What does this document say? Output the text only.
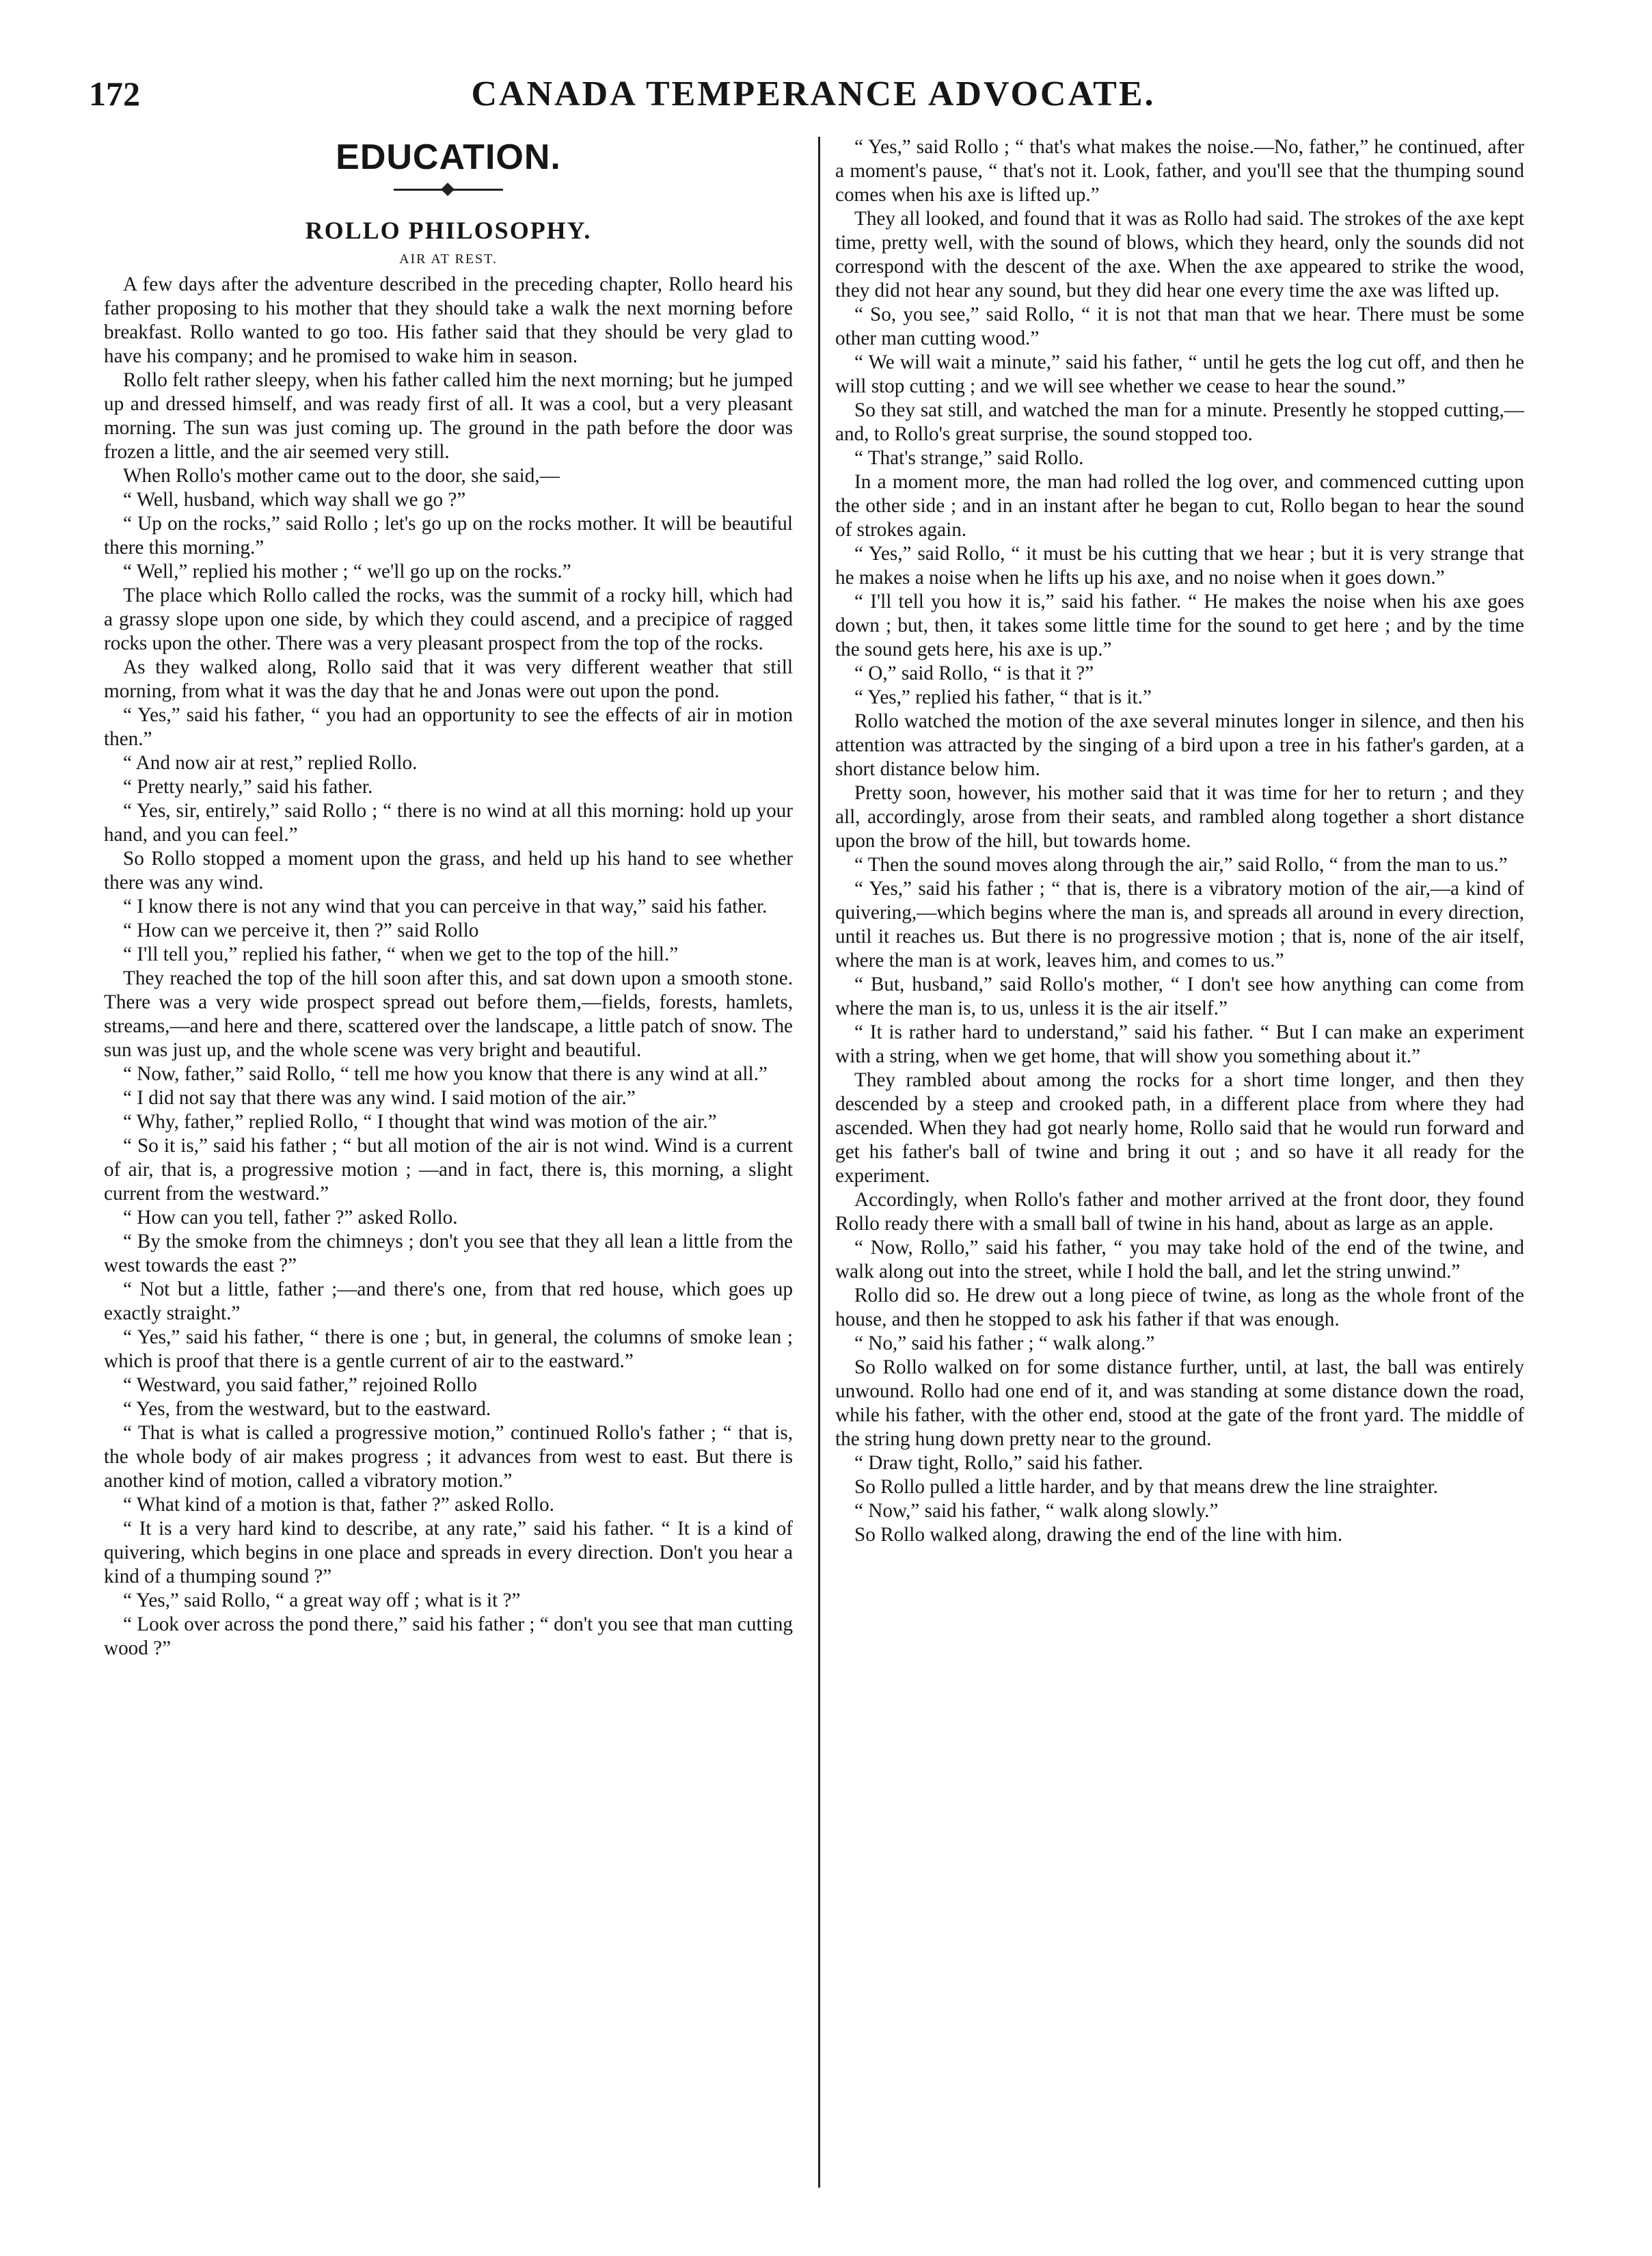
172	CANADA TEMPERANCE ADVOCATE.
EDUCATION.
ROLLO PHILOSOPHY.
AIR AT REST.

A few days after the adventure described in the preceding chapter, Rollo heard his father proposing to his mother that they should take a walk the next morning before breakfast. Rollo wanted to go too. His father said that they should be very glad to have his company; and he promised to wake him in season.

Rollo felt rather sleepy, when his father called him the next morning; but he jumped up and dressed himself, and was ready first of all. It was a cool, but a very pleasant morning. The sun was just coming up. The ground in the path before the door was frozen a little, and the air seemed very still.

When Rollo's mother came out to the door, she said,—

“ Well, husband, which way shall we go ?”

“ Up on the rocks,” said Rollo ; let's go up on the rocks mother. It will be beautiful there this morning.”

“ Well,” replied his mother ; “ we'll go up on the rocks.”

The place which Rollo called the rocks, was the summit of a rocky hill, which had a grassy slope upon one side, by which they could ascend, and a precipice of ragged rocks upon the other. There was a very pleasant prospect from the top of the rocks.

As they walked along, Rollo said that it was very different weather that still morning, from what it was the day that he and Jonas were out upon the pond.

“ Yes,” said his father, “ you had an opportunity to see the effects of air in motion then.”

“ And now air at rest,” replied Rollo.

“ Pretty nearly,” said his father.

“ Yes, sir, entirely,” said Rollo ; “ there is no wind at all this morning: hold up your hand, and you can feel.”

So Rollo stopped a moment upon the grass, and held up his hand to see whether there was any wind.

“ I know there is not any wind that you can perceive in that way,” said his father.

“ How can we perceive it, then ?” said Rollo

“ I'll tell you,” replied his father, “ when we get to the top of the hill.”

They reached the top of the hill soon after this, and sat down upon a smooth stone. There was a very wide prospect spread out before them,—fields, forests, hamlets, streams,—and here and there, scattered over the landscape, a little patch of snow. The sun was just up, and the whole scene was very bright and beautiful.

“ Now, father,” said Rollo, “ tell me how you know that there is any wind at all.”

“ I did not say that there was any wind. I said motion of the air.”

“ Why, father,” replied Rollo, “ I thought that wind was motion of the air.”

“ So it is,” said his father ; “ but all motion of the air is not wind. Wind is a current of air, that is, a progressive motion ; —and in fact, there is, this morning, a slight current from the westward.”

“ How can you tell, father ?” asked Rollo.

“ By the smoke from the chimneys ; don't you see that they all lean a little from the west towards the east ?”

“ Not but a little, father ;—and there's one, from that red house, which goes up exactly straight.”

“ Yes,” said his father, “ there is one ; but, in general, the columns of smoke lean ; which is proof that there is a gentle current of air to the eastward.”

“ Westward, you said father,” rejoined Rollo

“ Yes, from the westward, but to the eastward.

“ That is what is called a progressive motion,” continued Rollo's father ; “ that is, the whole body of air makes progress ; it advances from west to east. But there is another kind of motion, called a vibratory motion.”

“ What kind of a motion is that, father ?” asked Rollo.

“ It is a very hard kind to describe, at any rate,” said his father. “ It is a kind of quivering, which begins in one place and spreads in every direction. Don't you hear a kind of a thumping sound ?”

“ Yes,” said Rollo, “ a great way off ; what is it ?”

“ Look over across the pond there,” said his father ; “ don't you see that man cutting wood ?”

“ Yes,” said Rollo ; “ that's what makes the noise.—No, father,” he continued, after a moment's pause, “ that's not it. Look, father, and you'll see that the thumping sound comes when his axe is lifted up.”

They all looked, and found that it was as Rollo had said. The strokes of the axe kept time, pretty well, with the sound of blows, which they heard, only the sounds did not correspond with the descent of the axe. When the axe appeared to strike the wood, they did not hear any sound, but they did hear one every time the axe was lifted up.

“ So, you see,” said Rollo, “ it is not that man that we hear. There must be some other man cutting wood.”

“ We will wait a minute,” said his father, “ until he gets the log cut off, and then he will stop cutting ; and we will see whether we cease to hear the sound.”

So they sat still, and watched the man for a minute. Presently he stopped cutting,—and, to Rollo's great surprise, the sound stopped too.

“ That's strange,” said Rollo.

In a moment more, the man had rolled the log over, and commenced cutting upon the other side ; and in an instant after he began to cut, Rollo began to hear the sound of strokes again.

“ Yes,” said Rollo, “ it must be his cutting that we hear ; but it is very strange that he makes a noise when he lifts up his axe, and no noise when it goes down.”

“ I'll tell you how it is,” said his father. “ He makes the noise when his axe goes down ; but, then, it takes some little time for the sound to get here ; and by the time the sound gets here, his axe is up.”

“ O,” said Rollo, “ is that it ?”

“ Yes,” replied his father, “ that is it.”

Rollo watched the motion of the axe several minutes longer in silence, and then his attention was attracted by the singing of a bird upon a tree in his father's garden, at a short distance below him.

Pretty soon, however, his mother said that it was time for her to return ; and they all, accordingly, arose from their seats, and rambled along together a short distance upon the brow of the hill, but towards home.

“ Then the sound moves along through the air,” said Rollo, “ from the man to us.”

“ Yes,” said his father ; “ that is, there is a vibratory motion of the air,—a kind of quivering,—which begins where the man is, and spreads all around in every direction, until it reaches us. But there is no progressive motion ; that is, none of the air itself, where the man is at work, leaves him, and comes to us.”

“ But, husband,” said Rollo's mother, “ I don't see how anything can come from where the man is, to us, unless it is the air itself.”

“ It is rather hard to understand,” said his father. “ But I can make an experiment with a string, when we get home, that will show you something about it.”

They rambled about among the rocks for a short time longer, and then they descended by a steep and crooked path, in a different place from where they had ascended. When they had got nearly home, Rollo said that he would run forward and get his father's ball of twine and bring it out ; and so have it all ready for the experiment.

Accordingly, when Rollo's father and mother arrived at the front door, they found Rollo ready there with a small ball of twine in his hand, about as large as an apple.

“ Now, Rollo,” said his father, “ you may take hold of the end of the twine, and walk along out into the street, while I hold the ball, and let the string unwind.”

Rollo did so. He drew out a long piece of twine, as long as the whole front of the house, and then he stopped to ask his father if that was enough.

“ No,” said his father ; “ walk along.”

So Rollo walked on for some distance further, until, at last, the ball was entirely unwound. Rollo had one end of it, and was standing at some distance down the road, while his father, with the other end, stood at the gate of the front yard. The middle of the string hung down pretty near to the ground.

“ Draw tight, Rollo,” said his father.

So Rollo pulled a little harder, and by that means drew the line straighter.

“ Now,” said his father, “ walk along slowly.”

So Rollo walked along, drawing the end of the line with him.
